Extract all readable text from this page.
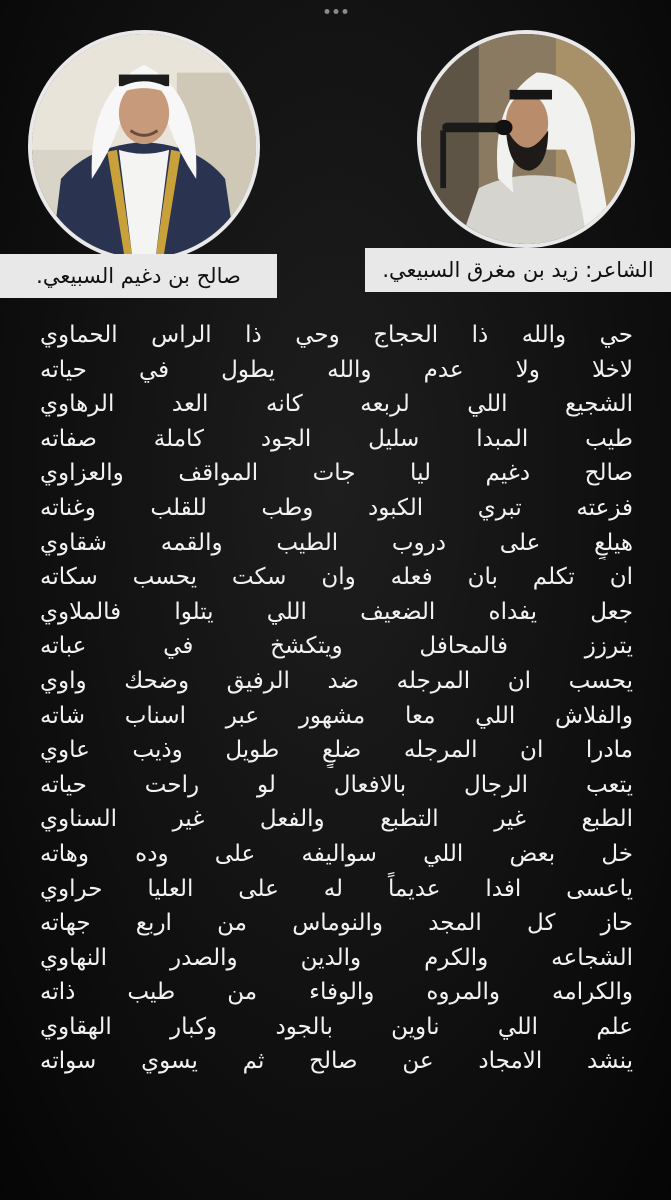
صالح بن دغيم السبيعي.	الشاعر: زيد بن مغرق السبيعي.
حي والله ذا الحجاج وحي ذا الراس الحماوي
لاخلا ولا عدم والله يطول في حياته
الشجيع اللي لربعه كانه العد الرهاوي
طيب المبدا سليل الجود كاملة صفاته
صالح دغيم ليا جات المواقف والعزاوي
فزعته تبري الكبود وطب للقلب وغناته
هيلعٍ على دروب الطيب والقمه شقاوي
ان تكلم بان فعله وان سكت يحسب سكاته
جعل يفداه الضعيف اللي يتلوا فالملاوي
يترزز فالمحافل ويتكشخ في عباته
يحسب ان المرجله ضد الرفيق وضحك واوي
والفلاش اللي معا مشهور عبر اسناب شاته
مادرا ان المرجله ضلعٍ طويل وذيب عاوي
يتعب الرجال بالافعال لو راحت حياته
الطبع غير التطبع والفعل غير السناوي
خل بعض اللي سواليفه على وده وهاته
ياعسى افدا عديماً له على العليا حراوي
حاز كل المجد والنوماس من اربع جهاته
الشجاعه والكرم والدين والصدر النهاوي
والكرامه والمروه والوفاء من طيب ذاته
علم اللي ناوين بالجود وكبار الهقاوي
ينشد الامجاد عن صالح ثم يسوي سواته
